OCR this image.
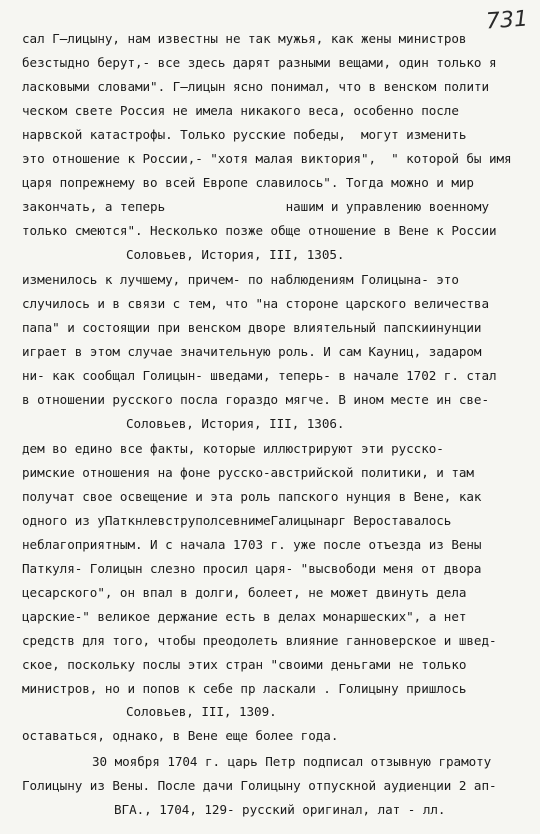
731
сал Г̶лицыну, нам известны не так мужья, как жены министров
безстыдно берут,- все здесь дарят разными вещами, один только я
ласковыми словами". Г̶лицын ясно понимал, что в венском полити
ческом свете Россия не имела никакого веса, особенно после
нарвской катастрофы. Только русские победы,  могут изменить
это отношение к России,- "хотя малая виктория",  " которой бы имя
царя попрежнему во всей Европе славилось". Тогда можно и мир
закончать, а теперь                нашим и управлению военному
только смеются". Несколько позже обще отношение в Вене к России
Соловьев, История, III, 1305.
изменилось к лучшему, причем- по наблюдениям Голицына- это
случилось и в связи с тем, что "на стороне царского величества
папа" и состоящии при венском дворе влиятельный папскиинунции
играет в этом случае значительную роль. И сам Кауниц, задаром
ни- как сообщал Голицын- шведами, теперь- в начале 1702 г. стал
в отношении русского посла гораздо мягче. В ином месте ин све-
Соловьев, История, III, 1306.
дем во едино все факты, которые иллюстрируют эти русско-
римские отношения на фоне русско-австрийской политики, и там
получат свое освещение и эта роль папского нунция в Вене, как
одного из уПаткнлевструполсевнимеГалицынарг Вероставалось
неблагоприятным. И с начала 1703 г. уже после отъезда из Вены
Паткуля- Голицын слезно просил царя- "высвободи меня от двора
цесарского", он впал в долги, болеет, не может двинуть дела
царские-" великое держание есть в делах монаршеских", а нет
средств для того, чтобы преодолеть влияние ганноверское и швед-
ское, поскольку послы этих стран "своими деньгами не только
министров, но и попов к себе пр ласкали . Голицыну пришлось
Соловьев, III, 1309.
оставаться, однако, в Вене еще более года.
30 моября 1704 г. царь Петр подписал отзывную грамоту
Голицыну из Вены. После дачи Голицыну отпускной аудиенции 2 ап-
ВГА., 1704, 129- русский оригинал, лат - лл.
